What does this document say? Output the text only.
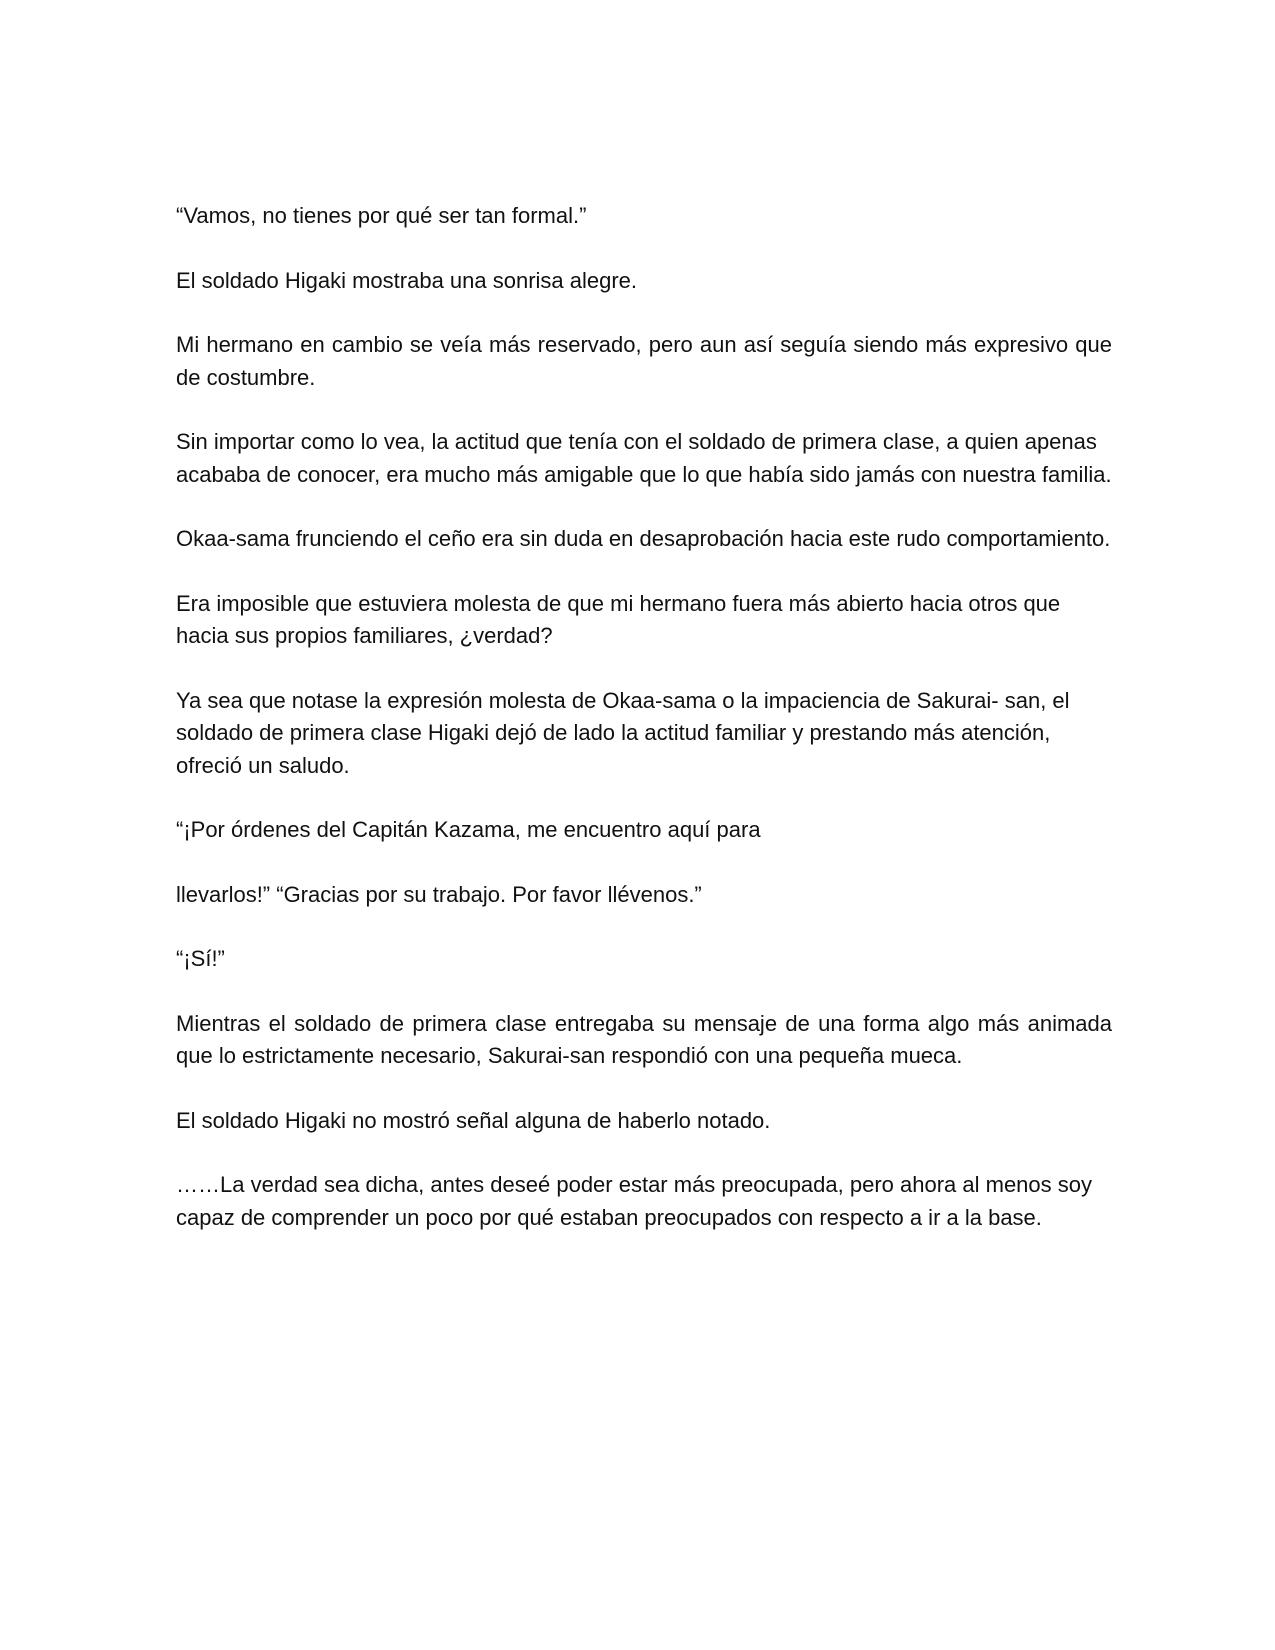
“Vamos, no tienes por qué ser tan formal.”

El soldado Higaki mostraba una sonrisa alegre.

Mi hermano en cambio se veía más reservado, pero aun así seguía siendo más expresivo que de costumbre.

Sin importar como lo vea, la actitud que tenía con el soldado de primera clase, a quien apenas acababa de conocer, era mucho más amigable que lo que había sido jamás con nuestra familia.

Okaa-sama frunciendo el ceño era sin duda en desaprobación hacia este rudo comportamiento.

Era imposible que estuviera molesta de que mi hermano fuera más abierto hacia otros que hacia sus propios familiares, ¿verdad?

Ya sea que notase la expresión molesta de Okaa-sama o la impaciencia de Sakurai- san, el soldado de primera clase Higaki dejó de lado la actitud familiar y prestando más atención, ofreció un saludo.

“¡Por órdenes del Capitán Kazama, me encuentro aquí para

llevarlos!” “Gracias por su trabajo. Por favor llévenos.”

“¡Sí!”

Mientras el soldado de primera clase entregaba su mensaje de una forma algo más animada que lo estrictamente necesario, Sakurai-san respondió con una pequeña mueca.

El soldado Higaki no mostró señal alguna de haberlo notado.

……La verdad sea dicha, antes deseé poder estar más preocupada, pero ahora al menos soy capaz de comprender un poco por qué estaban preocupados con respecto a ir a la base.
